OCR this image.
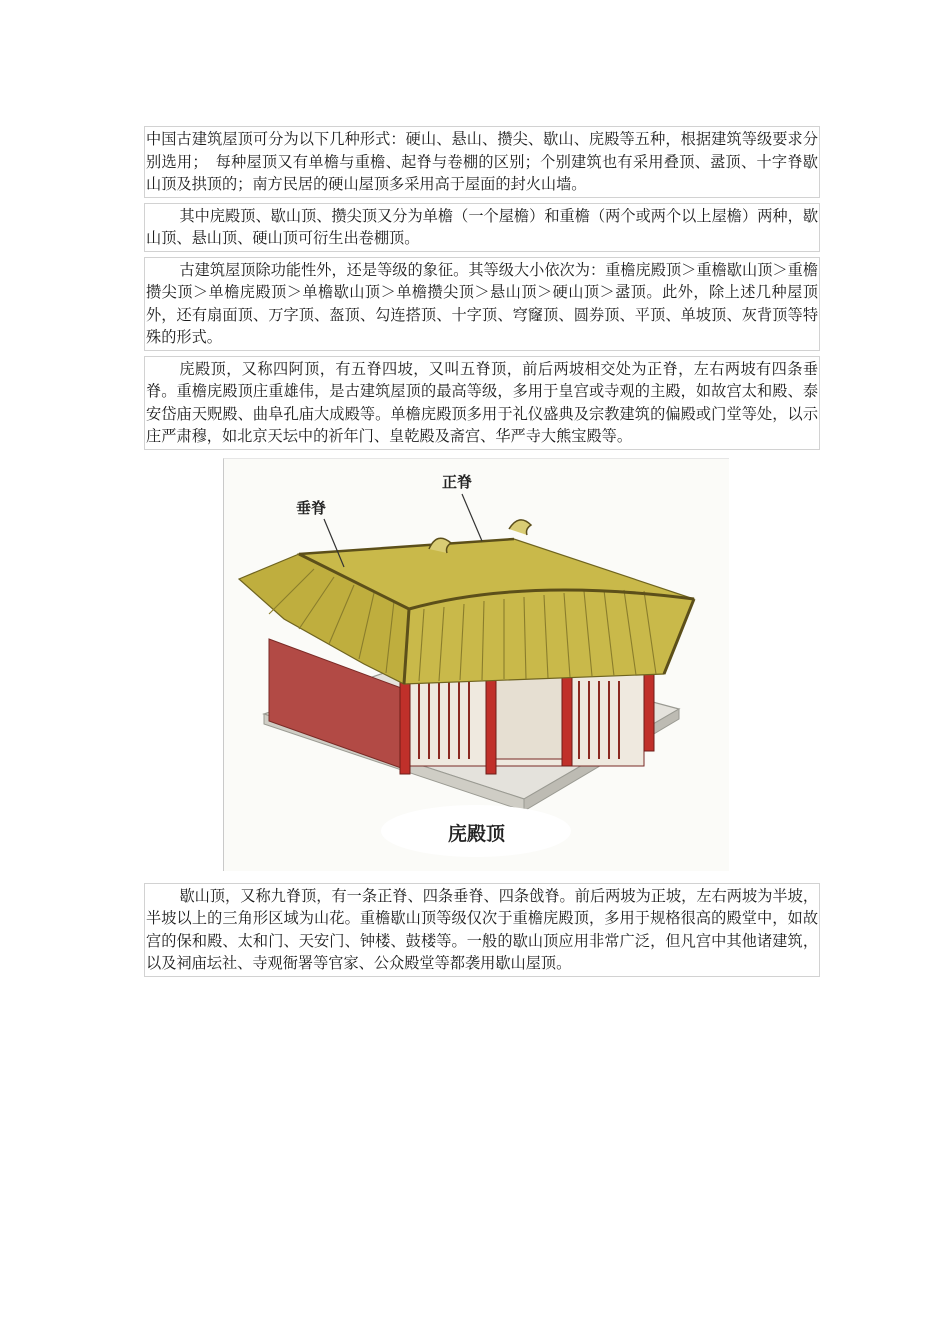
中国古建筑屋顶可分为以下几种形式：硬山、悬山、攒尖、歇山、庑殿等五种，根据建筑等级要求分别选用；　每种屋顶又有单檐与重檐、起脊与卷棚的区别；个别建筑也有采用叠顶、盝顶、十字脊歇山顶及拱顶的；南方民居的硬山屋顶多采用高于屋面的封火山墙。

其中庑殿顶、歇山顶、攒尖顶又分为单檐（一个屋檐）和重檐（两个或两个以上屋檐）两种，歇山顶、悬山顶、硬山顶可衍生出卷棚顶。

古建筑屋顶除功能性外，还是等级的象征。其等级大小依次为：重檐庑殿顶＞重檐歇山顶＞重檐攒尖顶＞单檐庑殿顶＞单檐歇山顶＞单檐攒尖顶＞悬山顶＞硬山顶＞盝顶。此外，除上述几种屋顶外，还有扇面顶、万字顶、盔顶、勾连搭顶、十字顶、穹窿顶、圆券顶、平顶、单坡顶、灰背顶等特殊的形式。

庑殿顶，又称四阿顶，有五脊四坡，又叫五脊顶，前后两坡相交处为正脊，左右两坡有四条垂脊。重檐庑殿顶庄重雄伟，是古建筑屋顶的最高等级，多用于皇宫或寺观的主殿，如故宫太和殿、泰安岱庙天贶殿、曲阜孔庙大成殿等。单檐庑殿顶多用于礼仪盛典及宗教建筑的偏殿或门堂等处，以示庄严肃穆，如北京天坛中的祈年门、皇乾殿及斋宫、华严寺大熊宝殿等。

垂脊
正脊
庑殿顶

歇山顶，又称九脊顶，有一条正脊、四条垂脊、四条戗脊。前后两坡为正坡，左右两坡为半坡，半坡以上的三角形区域为山花。重檐歇山顶等级仅次于重檐庑殿顶，多用于规格很高的殿堂中，如故宫的保和殿、太和门、天安门、钟楼、鼓楼等。一般的歇山顶应用非常广泛，但凡宫中其他诸建筑，以及祠庙坛社、寺观衙署等官家、公众殿堂等都袭用歇山屋顶。
